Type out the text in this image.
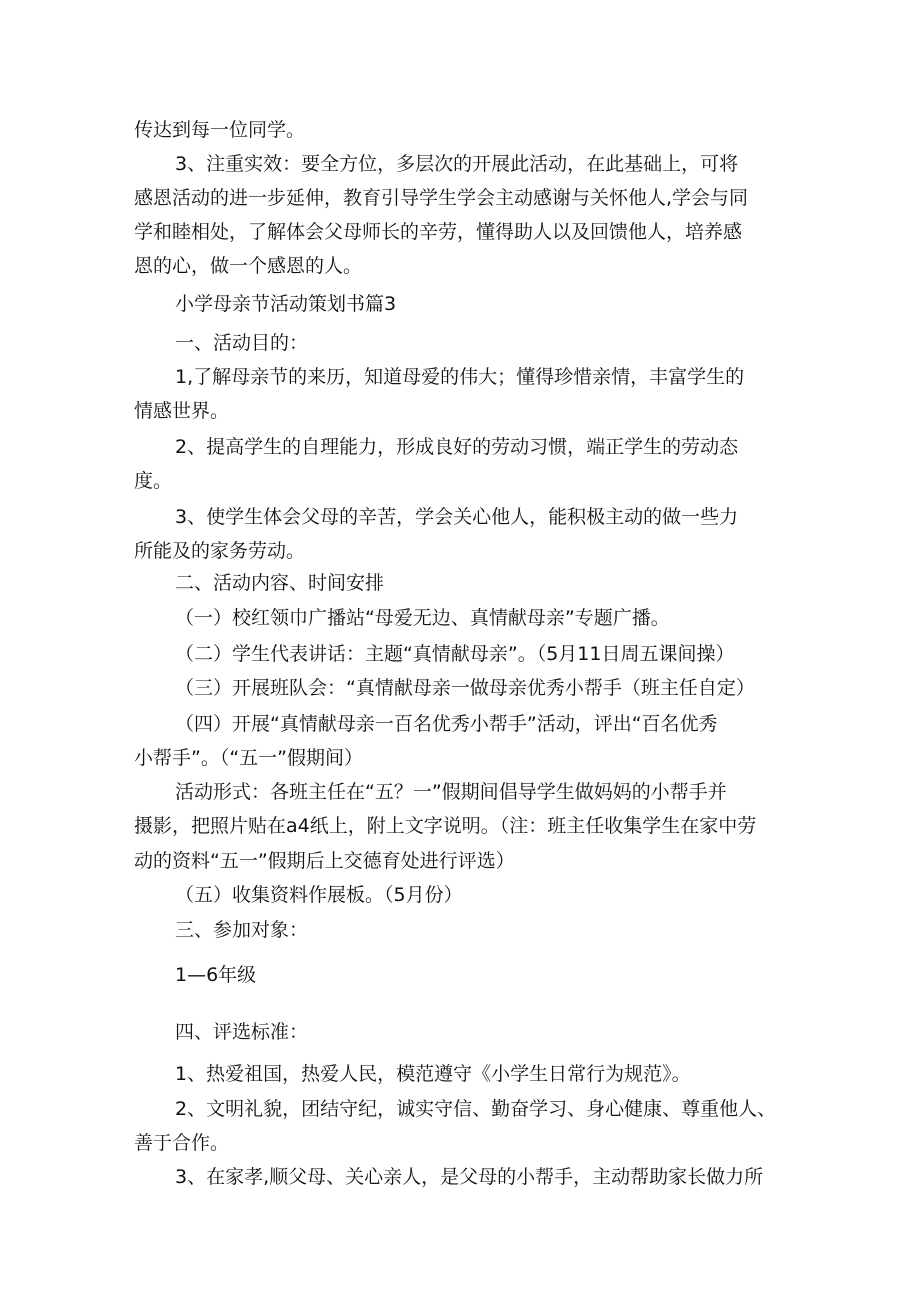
传达到每一位同学。
3、注重实效：要全方位，多层次的开展此活动，在此基础上，可将
感恩活动的进一步延伸，教育引导学生学会主动感谢与关怀他人,学会与同
学和睦相处，了解体会父母师长的辛劳，懂得助人以及回馈他人，培养感
恩的心，做一个感恩的人。
小学母亲节活动策划书篇3
一、活动目的：
1,了解母亲节的来历，知道母爱的伟大；懂得珍惜亲情，丰富学生的
情感世界。
2、提高学生的自理能力，形成良好的劳动习惯，端正学生的劳动态
度。
3、使学生体会父母的辛苦，学会关心他人，能积极主动的做一些力
所能及的家务劳动。
二、活动内容、时间安排
（一）校红领巾广播站“母爱无边、真情献母亲”专题广播。
（二）学生代表讲话：主题“真情献母亲”。（5月11日周五课间操）
（三）开展班队会：“真情献母亲一做母亲优秀小帮手（班主任自定）
（四）开展“真情献母亲一百名优秀小帮手”活动，评出“百名优秀
小帮手”。（“五一”假期间）
活动形式：各班主任在“五？一”假期间倡导学生做妈妈的小帮手并
摄影，把照片贴在a4纸上，附上文字说明。（注：班主任收集学生在家中劳
动的资料“五一”假期后上交德育处进行评选）
（五）收集资料作展板。（5月份）
三、参加对象：
1—6年级
四、评选标准：
1、热爱祖国，热爱人民，模范遵守《小学生日常行为规范》。
2、文明礼貌，团结守纪，诚实守信、勤奋学习、身心健康、尊重他人、
善于合作。
3、在家孝,顺父母、关心亲人，是父母的小帮手，主动帮助家长做力所
